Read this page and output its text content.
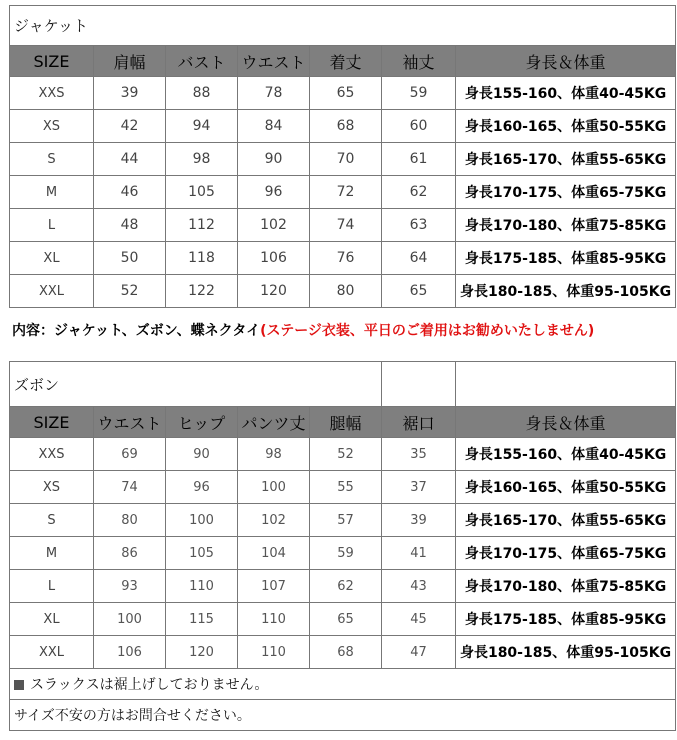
ジャケット						
SIZE	肩幅	バスト	ウエスト	着丈	袖丈	身長＆体重
XXS	39	88	78	65	59	身長155-160、体重40-45KG
XS	42	94	84	68	60	身長160-165、体重50-55KG
S	44	98	90	70	61	身長165-170、体重55-65KG
M	46	105	96	72	62	身長170-175、体重65-75KG
L	48	112	102	74	63	身長170-180、体重75-85KG
XL	50	118	106	76	64	身長175-185、体重85-95KG
XXL	52	122	120	80	65	身長180-185、体重95-105KG
内容：ジャケット、ズボン、蝶ネクタイ(ステージ衣装、平日のご着用はお勧めいたしません)
ズボン						
SIZE	ウエスト	ヒップ	パンツ丈	腿幅	裾口	身長＆体重
XXS	69	90	98	52	35	身長155-160、体重40-45KG
XS	74	96	100	55	37	身長160-165、体重50-55KG
S	80	100	102	57	39	身長165-170、体重55-65KG
M	86	105	104	59	41	身長170-175、体重65-75KG
L	93	110	107	62	43	身長170-180、体重75-85KG
XL	100	115	110	65	45	身長175-185、体重85-95KG
XXL	106	120	110	68	47	身長180-185、体重95-105KG
スラックスは裾上げしておりません。						
サイズ不安の方はお問合せください。						
